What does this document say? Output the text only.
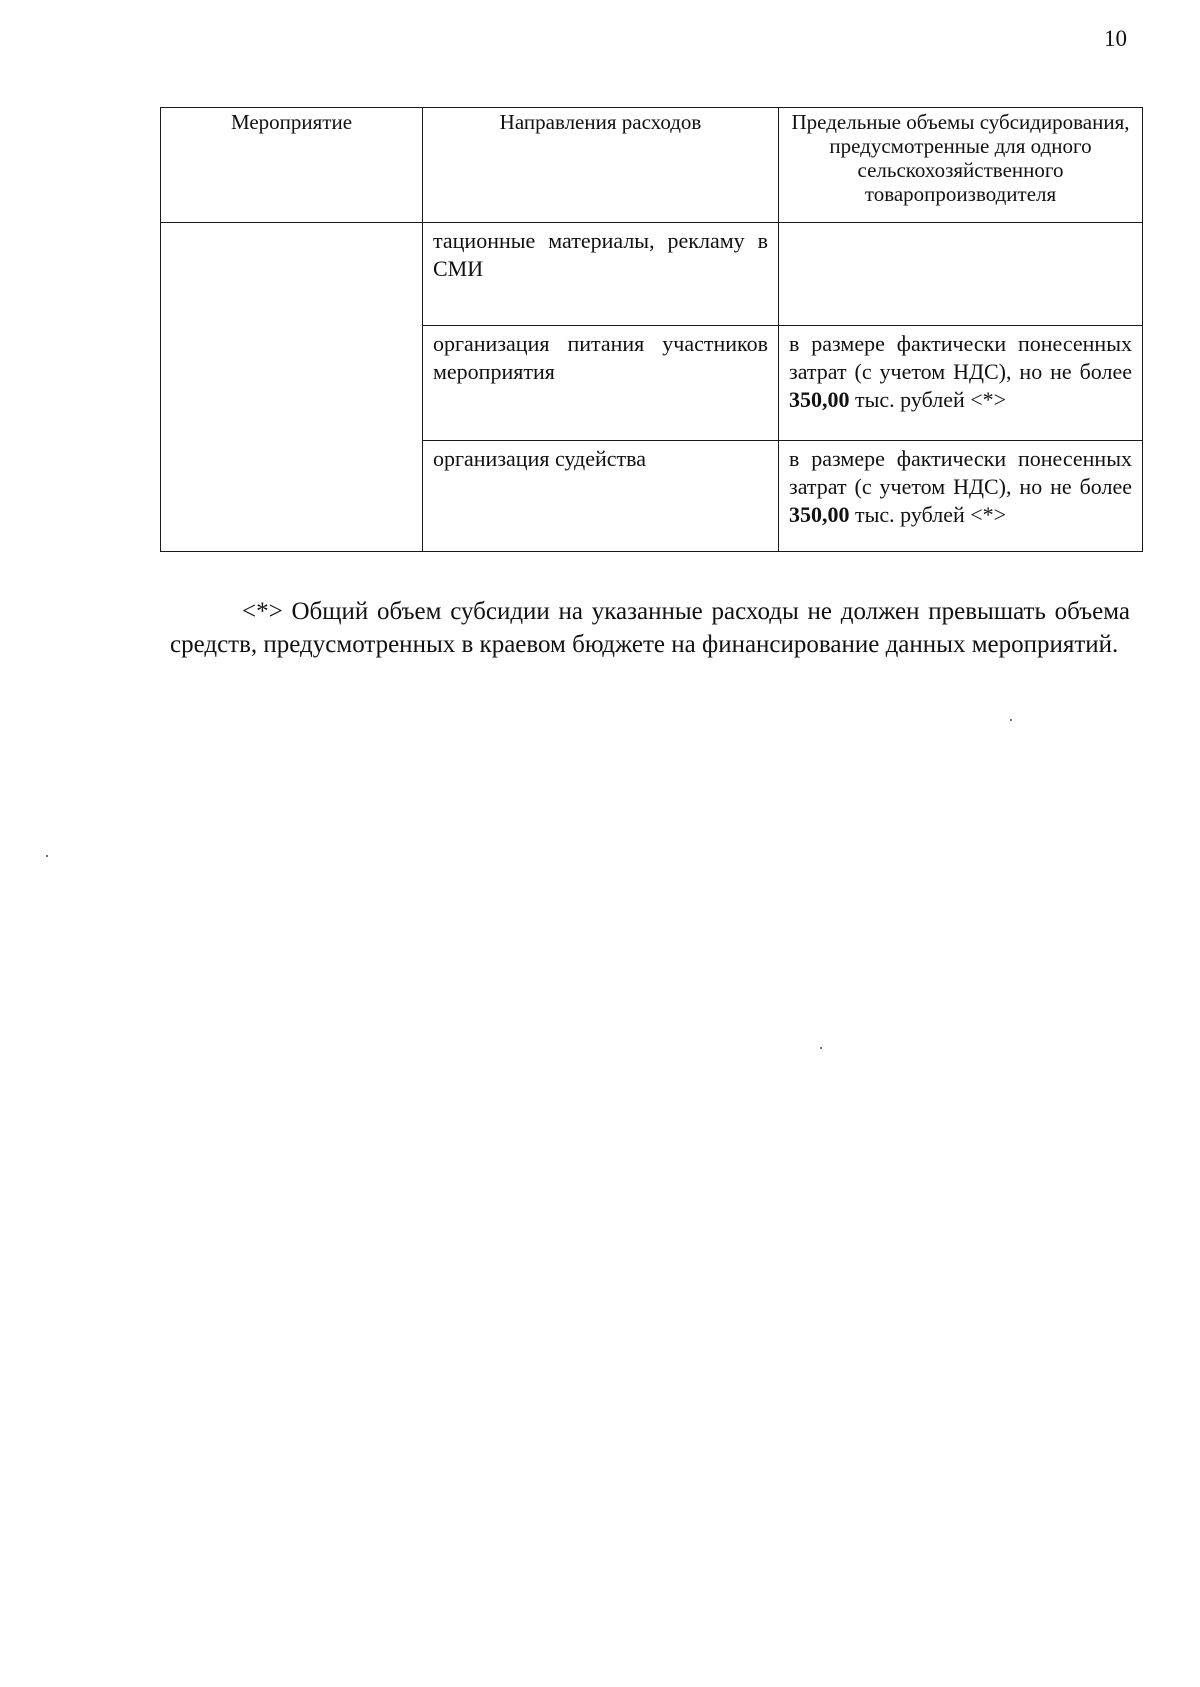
10
Мероприятие	Направления расходов	Предельные объемы субсидирования, предусмотренные для одного сельскохозяйственного товаропроизводителя
	тационные материалы, рекламу в СМИ	
	организация питания участников мероприятия	в размере фактически понесенных затрат (с учетом НДС), но не более 350,00 тыс. рублей <*>
	организация судейства	в размере фактически понесенных затрат (с учетом НДС), но не более 350,00 тыс. рублей <*>

<*> Общий объем субсидии на указанные расходы не должен превышать объема средств, предусмотренных в краевом бюджете на финансирование данных мероприятий.
